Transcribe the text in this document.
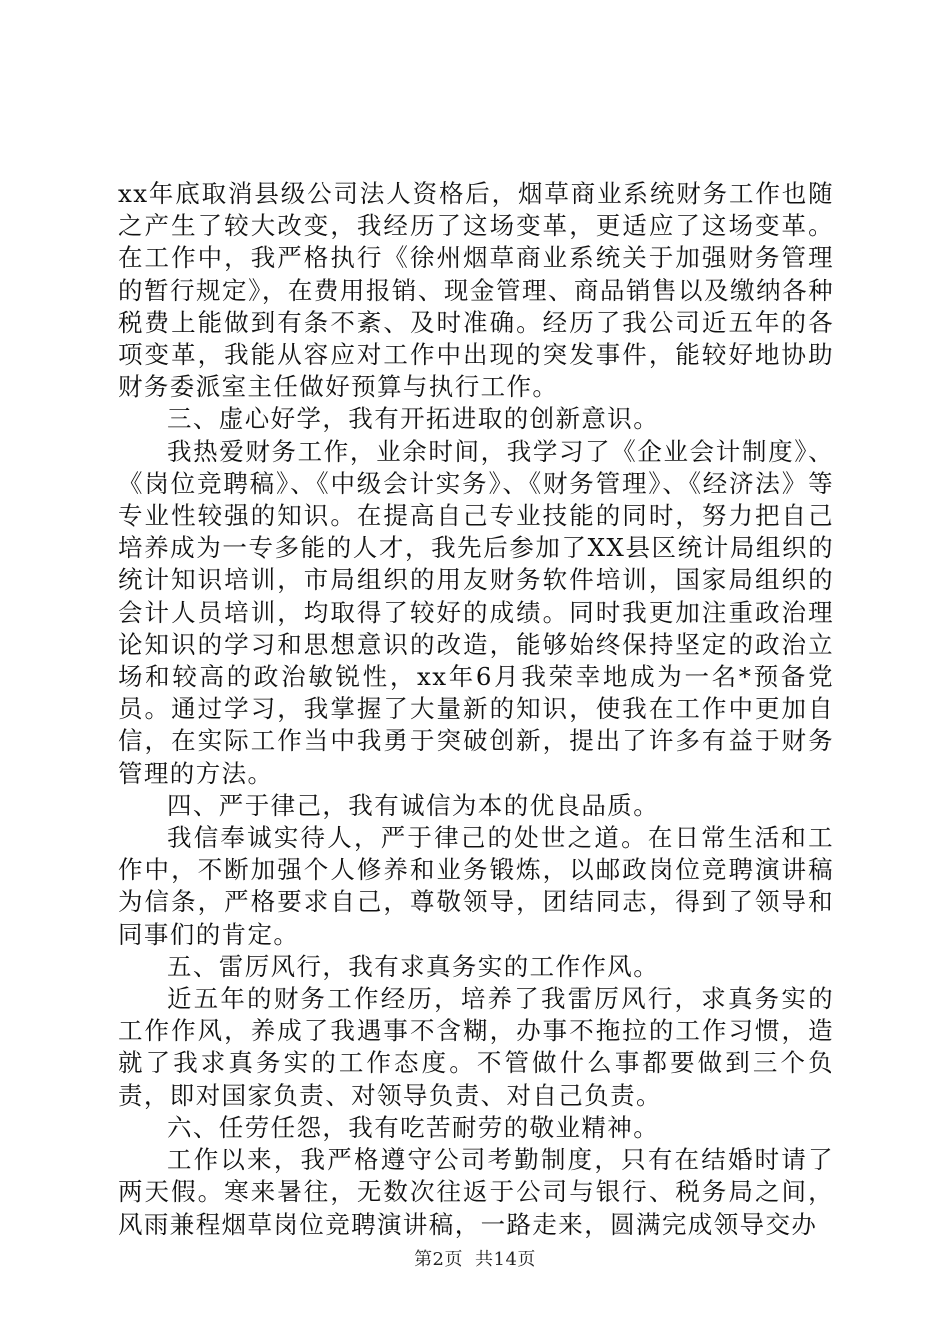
xx年底取消县级公司法人资格后，烟草商业系统财务工作也随之产生了较大改变，我经历了这场变革，更适应了这场变革。在工作中，我严格执行《徐州烟草商业系统关于加强财务管理的暂行规定》，在费用报销、现金管理、商品销售以及缴纳各种税费上能做到有条不紊、及时准确。经历了我公司近五年的各项变革，我能从容应对工作中出现的突发事件，能较好地协助财务委派室主任做好预算与执行工作。

三、虚心好学，我有开拓进取的创新意识。

我热爱财务工作，业余时间，我学习了《企业会计制度》、《岗位竞聘稿》、《中级会计实务》、《财务管理》、《经济法》等专业性较强的知识。在提高自己专业技能的同时，努力把自己培养成为一专多能的人才，我先后参加了XX县区统计局组织的统计知识培训，市局组织的用友财务软件培训，国家局组织的会计人员培训，均取得了较好的成绩。同时我更加注重政治理论知识的学习和思想意识的改造，能够始终保持坚定的政治立场和较高的政治敏锐性，xx年6月我荣幸地成为一名*预备党员。通过学习，我掌握了大量新的知识，使我在工作中更加自信，在实际工作当中我勇于突破创新，提出了许多有益于财务管理的方法。

四、严于律己，我有诚信为本的优良品质。

我信奉诚实待人，严于律己的处世之道。在日常生活和工作中，不断加强个人修养和业务锻炼，以邮政岗位竞聘演讲稿为信条，严格要求自己，尊敬领导，团结同志，得到了领导和同事们的肯定。

五、雷厉风行，我有求真务实的工作作风。

近五年的财务工作经历，培养了我雷厉风行，求真务实的工作作风，养成了我遇事不含糊，办事不拖拉的工作习惯，造就了我求真务实的工作态度。不管做什么事都要做到三个负责，即对国家负责、对领导负责、对自己负责。

六、任劳任怨，我有吃苦耐劳的敬业精神。

工作以来，我严格遵守公司考勤制度，只有在结婚时请了两天假。寒来暑往，无数次往返于公司与银行、税务局之间，风雨兼程烟草岗位竞聘演讲稿，一路走来，圆满完成领导交办

第2页 共14页
